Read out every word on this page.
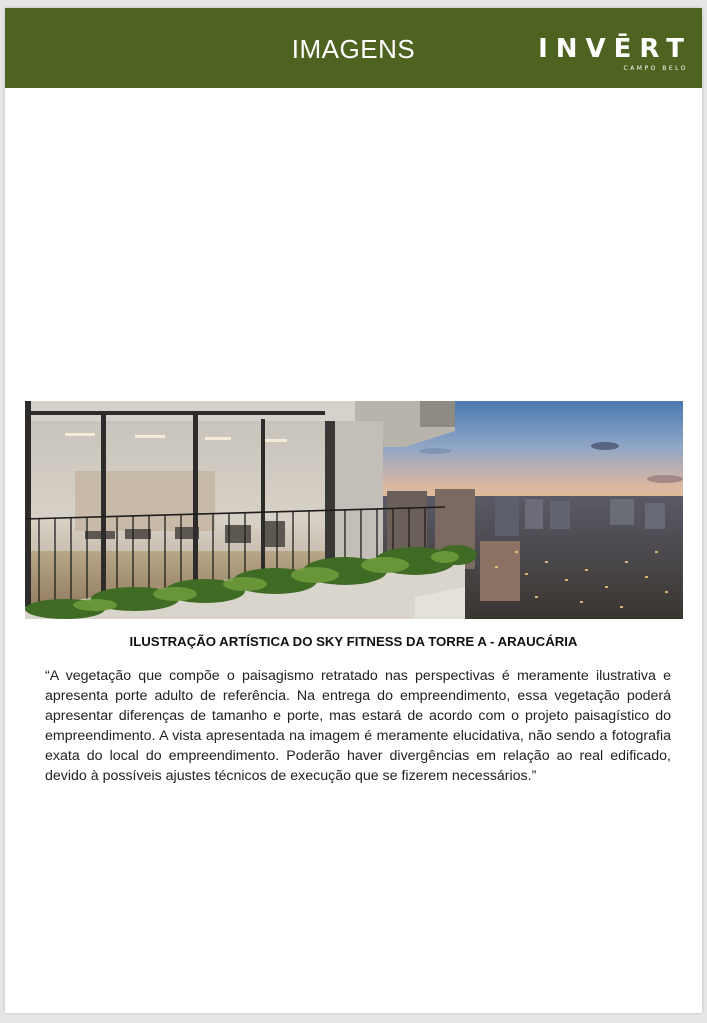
IMAGENS	INVĒRT
CAMPO BELO
ILUSTRAÇÃO ARTÍSTICA DO SKY FITNESS DA TORRE A - ARAUCÁRIA

“A vegetação que compõe o paisagismo retratado nas perspectivas é meramente ilustrativa e apresenta porte adulto de referência. Na entrega do empreendimento, essa vegetação poderá apresentar diferenças de tamanho e porte, mas estará de acordo com o projeto paisagístico do empreendimento. A vista apresentada na imagem é meramente elucidativa, não sendo a fotografia exata do local do empreendimento. Poderão haver divergências em relação ao real edificado, devido à possíveis ajustes técnicos de execução que se fizerem necessários.”
